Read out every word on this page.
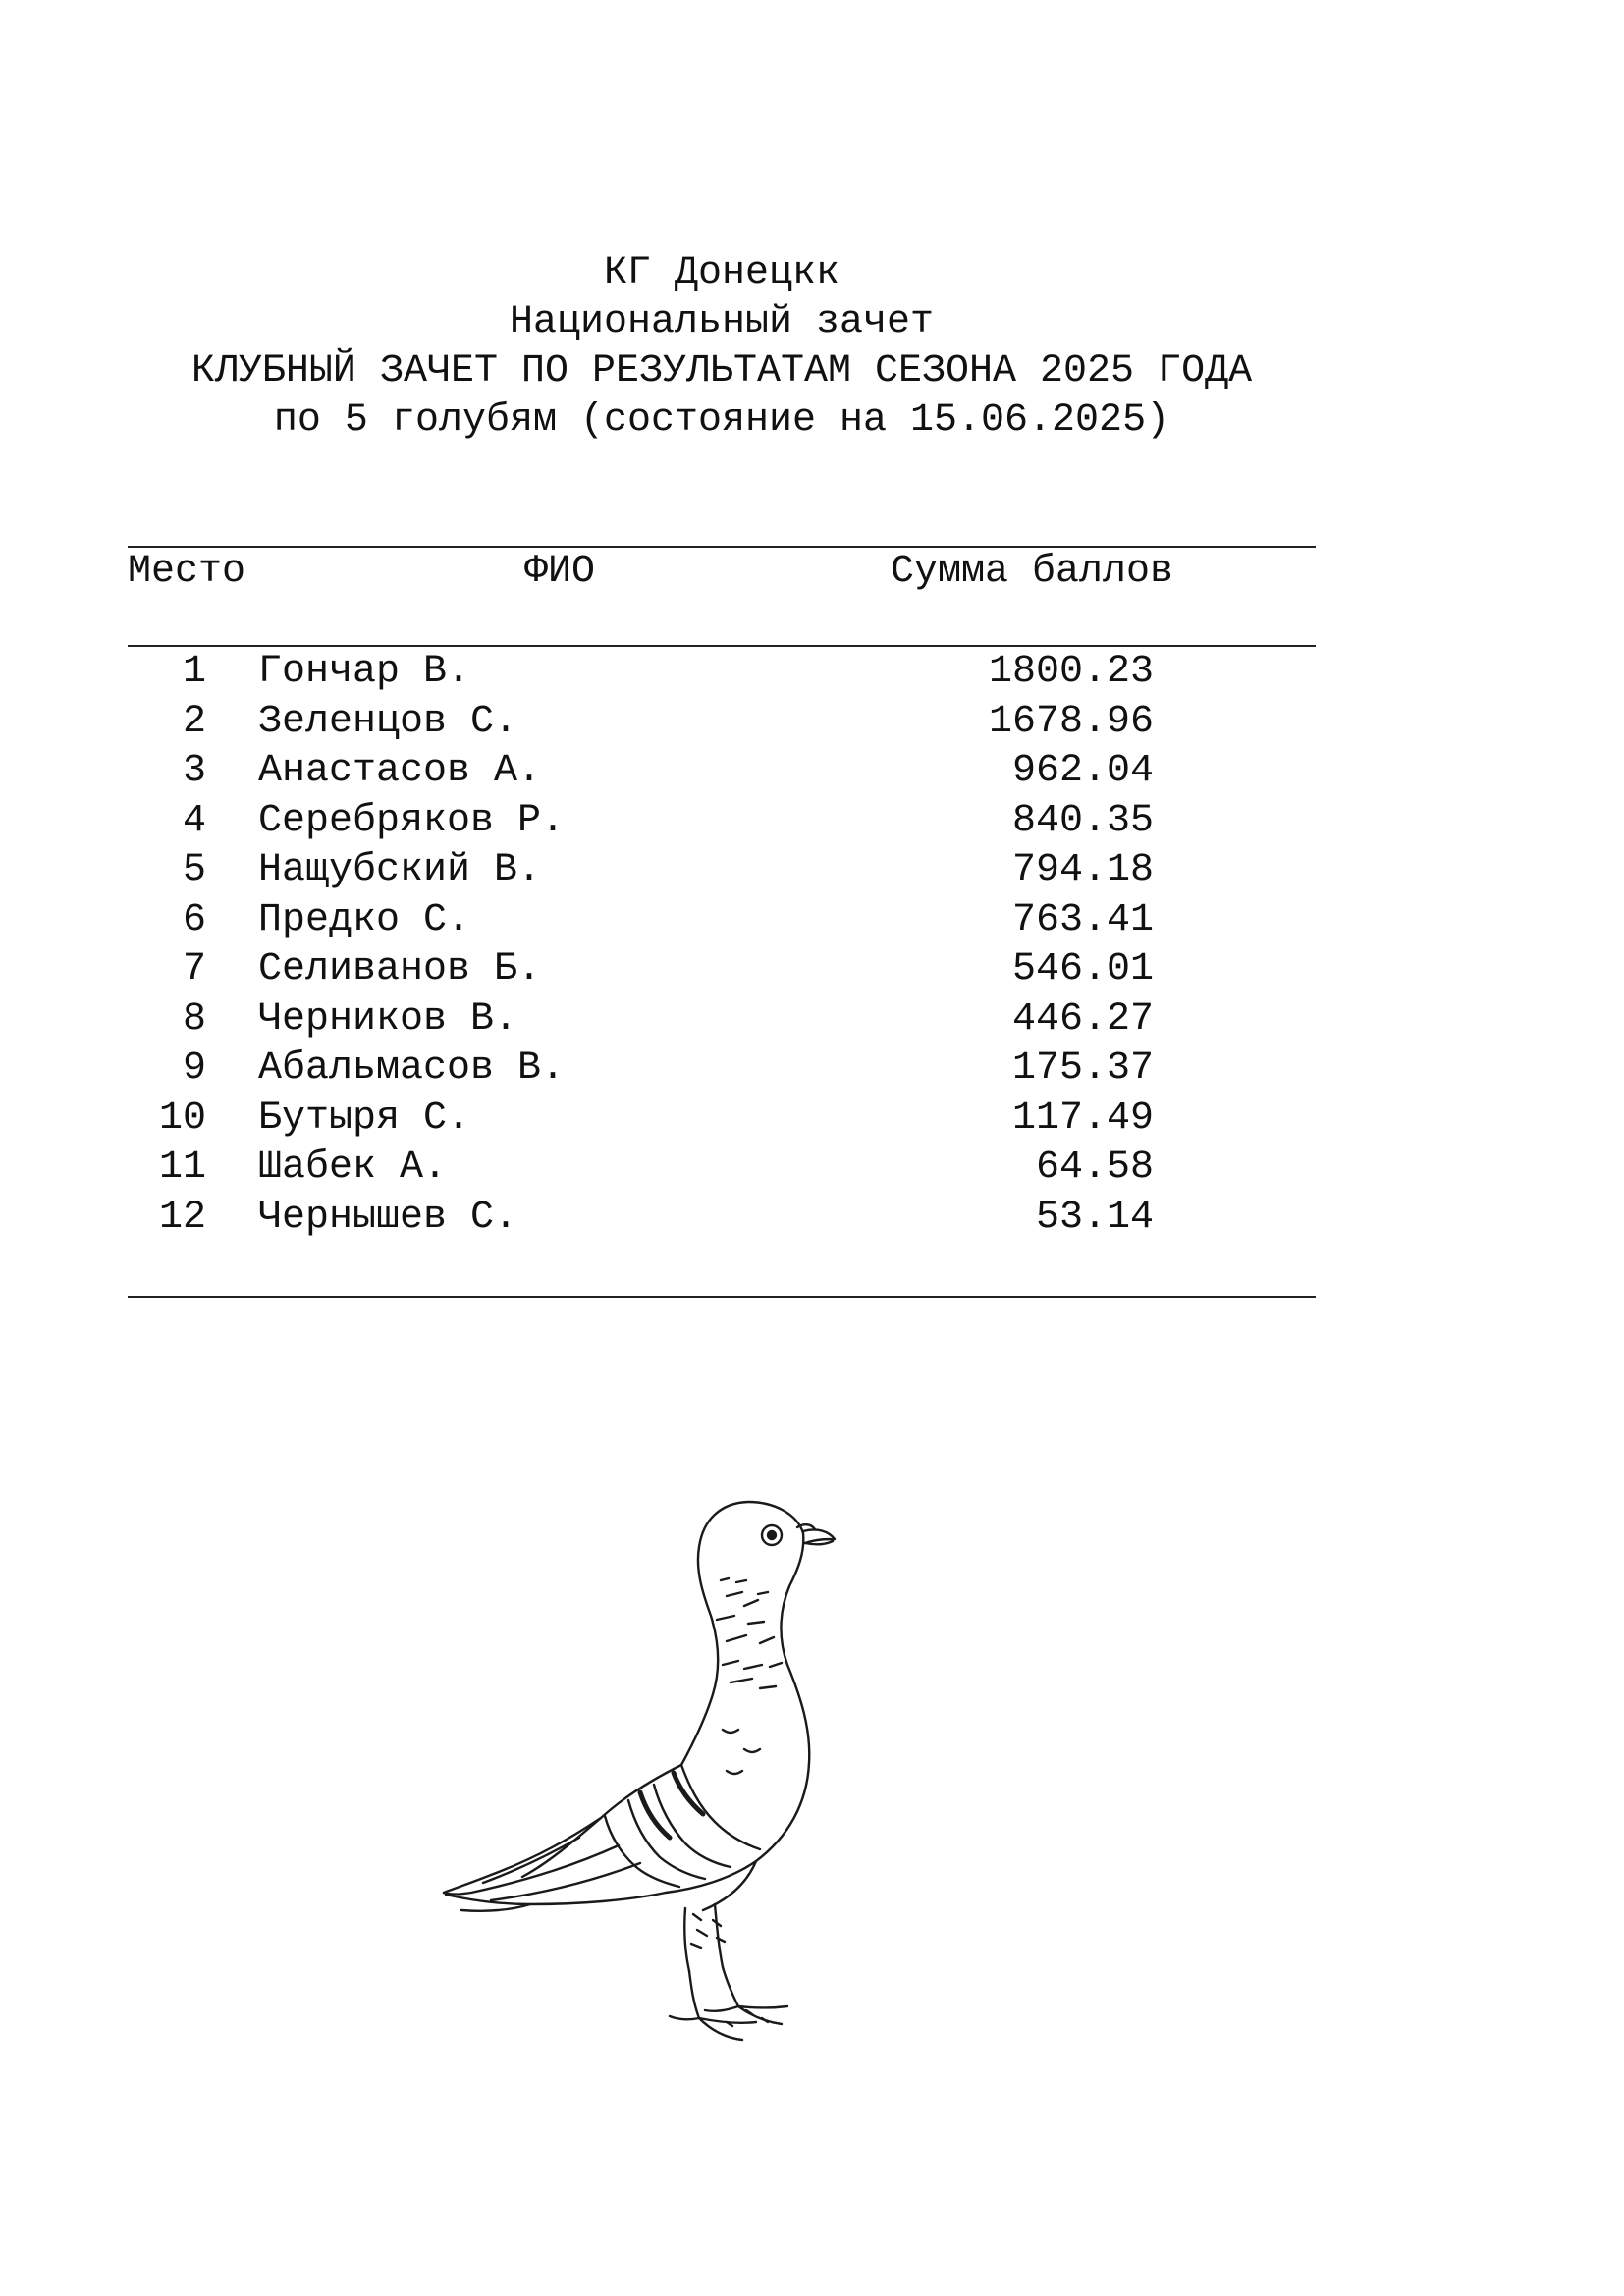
КГ Донецкк
Национальный зачет
КЛУБНЫЙ ЗАЧЕТ ПО РЕЗУЛЬТАТАМ СЕЗОНА 2025 ГОДА
по 5 голубям (состояние на 15.06.2025)
Место	ФИО	Сумма баллов
1 Гончар В.	1800.23
2 Зеленцов С.	1678.96
3 Анастасов А.	962.04
4 Серебряков Р.	840.35
5 Нащубский В.	794.18
6 Предко С.	763.41
7 Селиванов Б.	546.01
8 Черников В.	446.27
9 Абальмасов В.	175.37
10 Бутыря С.	117.49
11 Шабек А.	64.58
12 Чернышев С.	53.14
